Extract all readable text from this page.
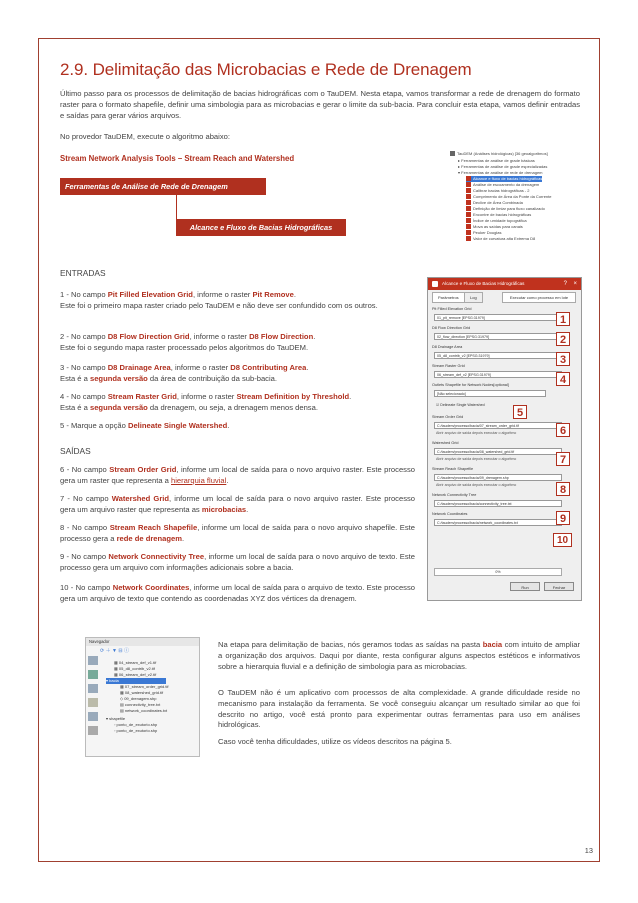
2.9. Delimitação das Microbacias e Rede de Drenagem
Último passo para os processos de delimitação de bacias hidrográficas com o TauDEM. Nesta etapa, vamos transformar a rede de drenagem do formato raster para o formato shapefile, definir uma simbologia para as microbacias e gerar o limite da sub-bacia. Para concluir esta etapa, vamos definir entradas e saídas para gerar vários arquivos.
No provedor TauDEM, execute o algoritmo abaixo:
Stream Network Analysis Tools – Stream Reach and Watershed
Ferramentas de Análise de Rede de Drenagem
Alcance e Fluxo de Bacias Hidrográficas
TauDEM (Análises hidrológicas) [36 geoalgoritmos]
▸ Ferramentas de análise de grade básicas
▸ Ferramentas de análise de grade especializadas
▾ Ferramentas de análise de rede de drenagem
Alcance e fluxo de bacias hidrográficas
Análise de escoamento da drenagem
Calibrar bacias hidrográficas - 2
Comprimento de Área da Ponte da Corrente
Declive de Área Combinada
Definição de limiar para fluxo canalizado
Encontre de bacias hidrográficas
Índice de umidade topográfica
Mova as saídas para canais
Peuker Douglas
Valor de curvatura alta Extrema D8
ENTRADAS
1 - No campo Pit Filled Elevation Grid, informe o raster Pit Remove.
Este foi o primeiro mapa raster criado pelo TauDEM e não deve ser confundido com os outros.
2 - No campo D8 Flow Direction Grid, informe o raster D8 Flow Direction.
Este foi o segundo mapa raster processado pelos algoritmos do TauDEM.
3 - No campo D8 Drainage Area, informe o raster D8 Contributing Area.
Esta é a segunda versão da área de contribuição da sub-bacia.
4 - No campo Stream Raster Grid, informe o raster Stream Definition by Threshold.
Esta é a segunda versão da drenagem, ou seja, a drenagem menos densa.
5 - Marque a opção Delineate Single Watershed.
SAÍDAS
6 - No campo Stream Order Grid, informe um local de saída para o novo arquivo raster. Este processo gera um raster que representa a hierarquia fluvial.
7 - No campo Watershed Grid, informe um local de saída para o novo arquivo raster. Este processo gera um arquivo raster que representa as microbacias.
8 - No campo Stream Reach Shapefile, informe um local de saída para o novo arquivo shapefile. Este processo gera a rede de drenagem.
9 - No campo Network Connectivity Tree, informe um local de saída para o novo arquivo de texto. Este processo gera um arquivo com informações adicionais sobre a bacia.
10 - No campo Network Coordinates, informe um local de saída para o arquivo de texto. Este processo gera um arquivo de texto que contendo as coordenadas XYZ dos vértices da drenagem.
Alcance e Fluxo de Bacias Hidrográficas	? ×
Parâmetros	Log	Executar como processo em lote
Pit Filled Elevation Grid
01_pit_remove [EPSG:31979]
D8 Flow Direction Grid
02_flow_direction [EPSG:31979]
D8 Drainage Area
05_d8_contrib_v2 [EPSG:31979]
Stream Raster Grid
06_stream_def_v2 [EPSG:31979]
Outlets Shapefile for Network Nodes[optional]
[Não selecionado]
☑ Delineate Single Watershed
Stream Order Grid
C:/taudem/processo/bacia/07_stream_order_grid.tif
Abrir arquivo de saída depois executar o algoritmo
Watershed Grid
C:/taudem/processo/bacia/08_watershed_grid.tif
Abrir arquivo de saída depois executar o algoritmo
Stream Reach Shapefile
C:/taudem/processo/bacia/09_drenagem.shp
Abrir arquivo de saída depois executar o algoritmo
Network Connectivity Tree
C:/taudem/processo/bacia/connectivity_tree.txt
Network Coordinates
C:/taudem/processo/bacia/network_coordinates.txt
0%
Run	Fechar
1
2
3
4
5
6
7
8
9
10
Navegador
⟳ ＋ ▼ ⊟ ⓘ
▦ 04_stream_def_v1.tif
▦ 05_d8_contrib_v2.tif
▦ 06_stream_def_v2.tif
▾ bacia
▦ 07_stream_order_grid.tif
▦ 08_watershed_grid.tif
◇ 09_drenagem.shp
▤ connectivity_tree.txt
▤ network_coordinates.txt
▾ shapefile
◦ ponto_de_exutorio.shp
◦ ponto_de_exutorio.shp
Na etapa para delimitação de bacias, nós geramos todas as saídas na pasta bacia com intuito de ampliar a organização dos arquivos. Daqui por diante, resta configurar alguns aspectos estéticos e informativos sobre a hierarquia fluvial e a definição de simbologia para as microbacias.
O TauDEM não é um aplicativo com processos de alta complexidade. A grande dificuldade reside no mecanismo para instalação da ferramenta. Se você conseguiu alcançar um resultado similar ao que foi descrito no artigo, você está pronto para experimentar outras ferramentas para uso em análises hidrológicas.
Caso você tenha dificuldades, utilize os vídeos descritos na página 5.
13
